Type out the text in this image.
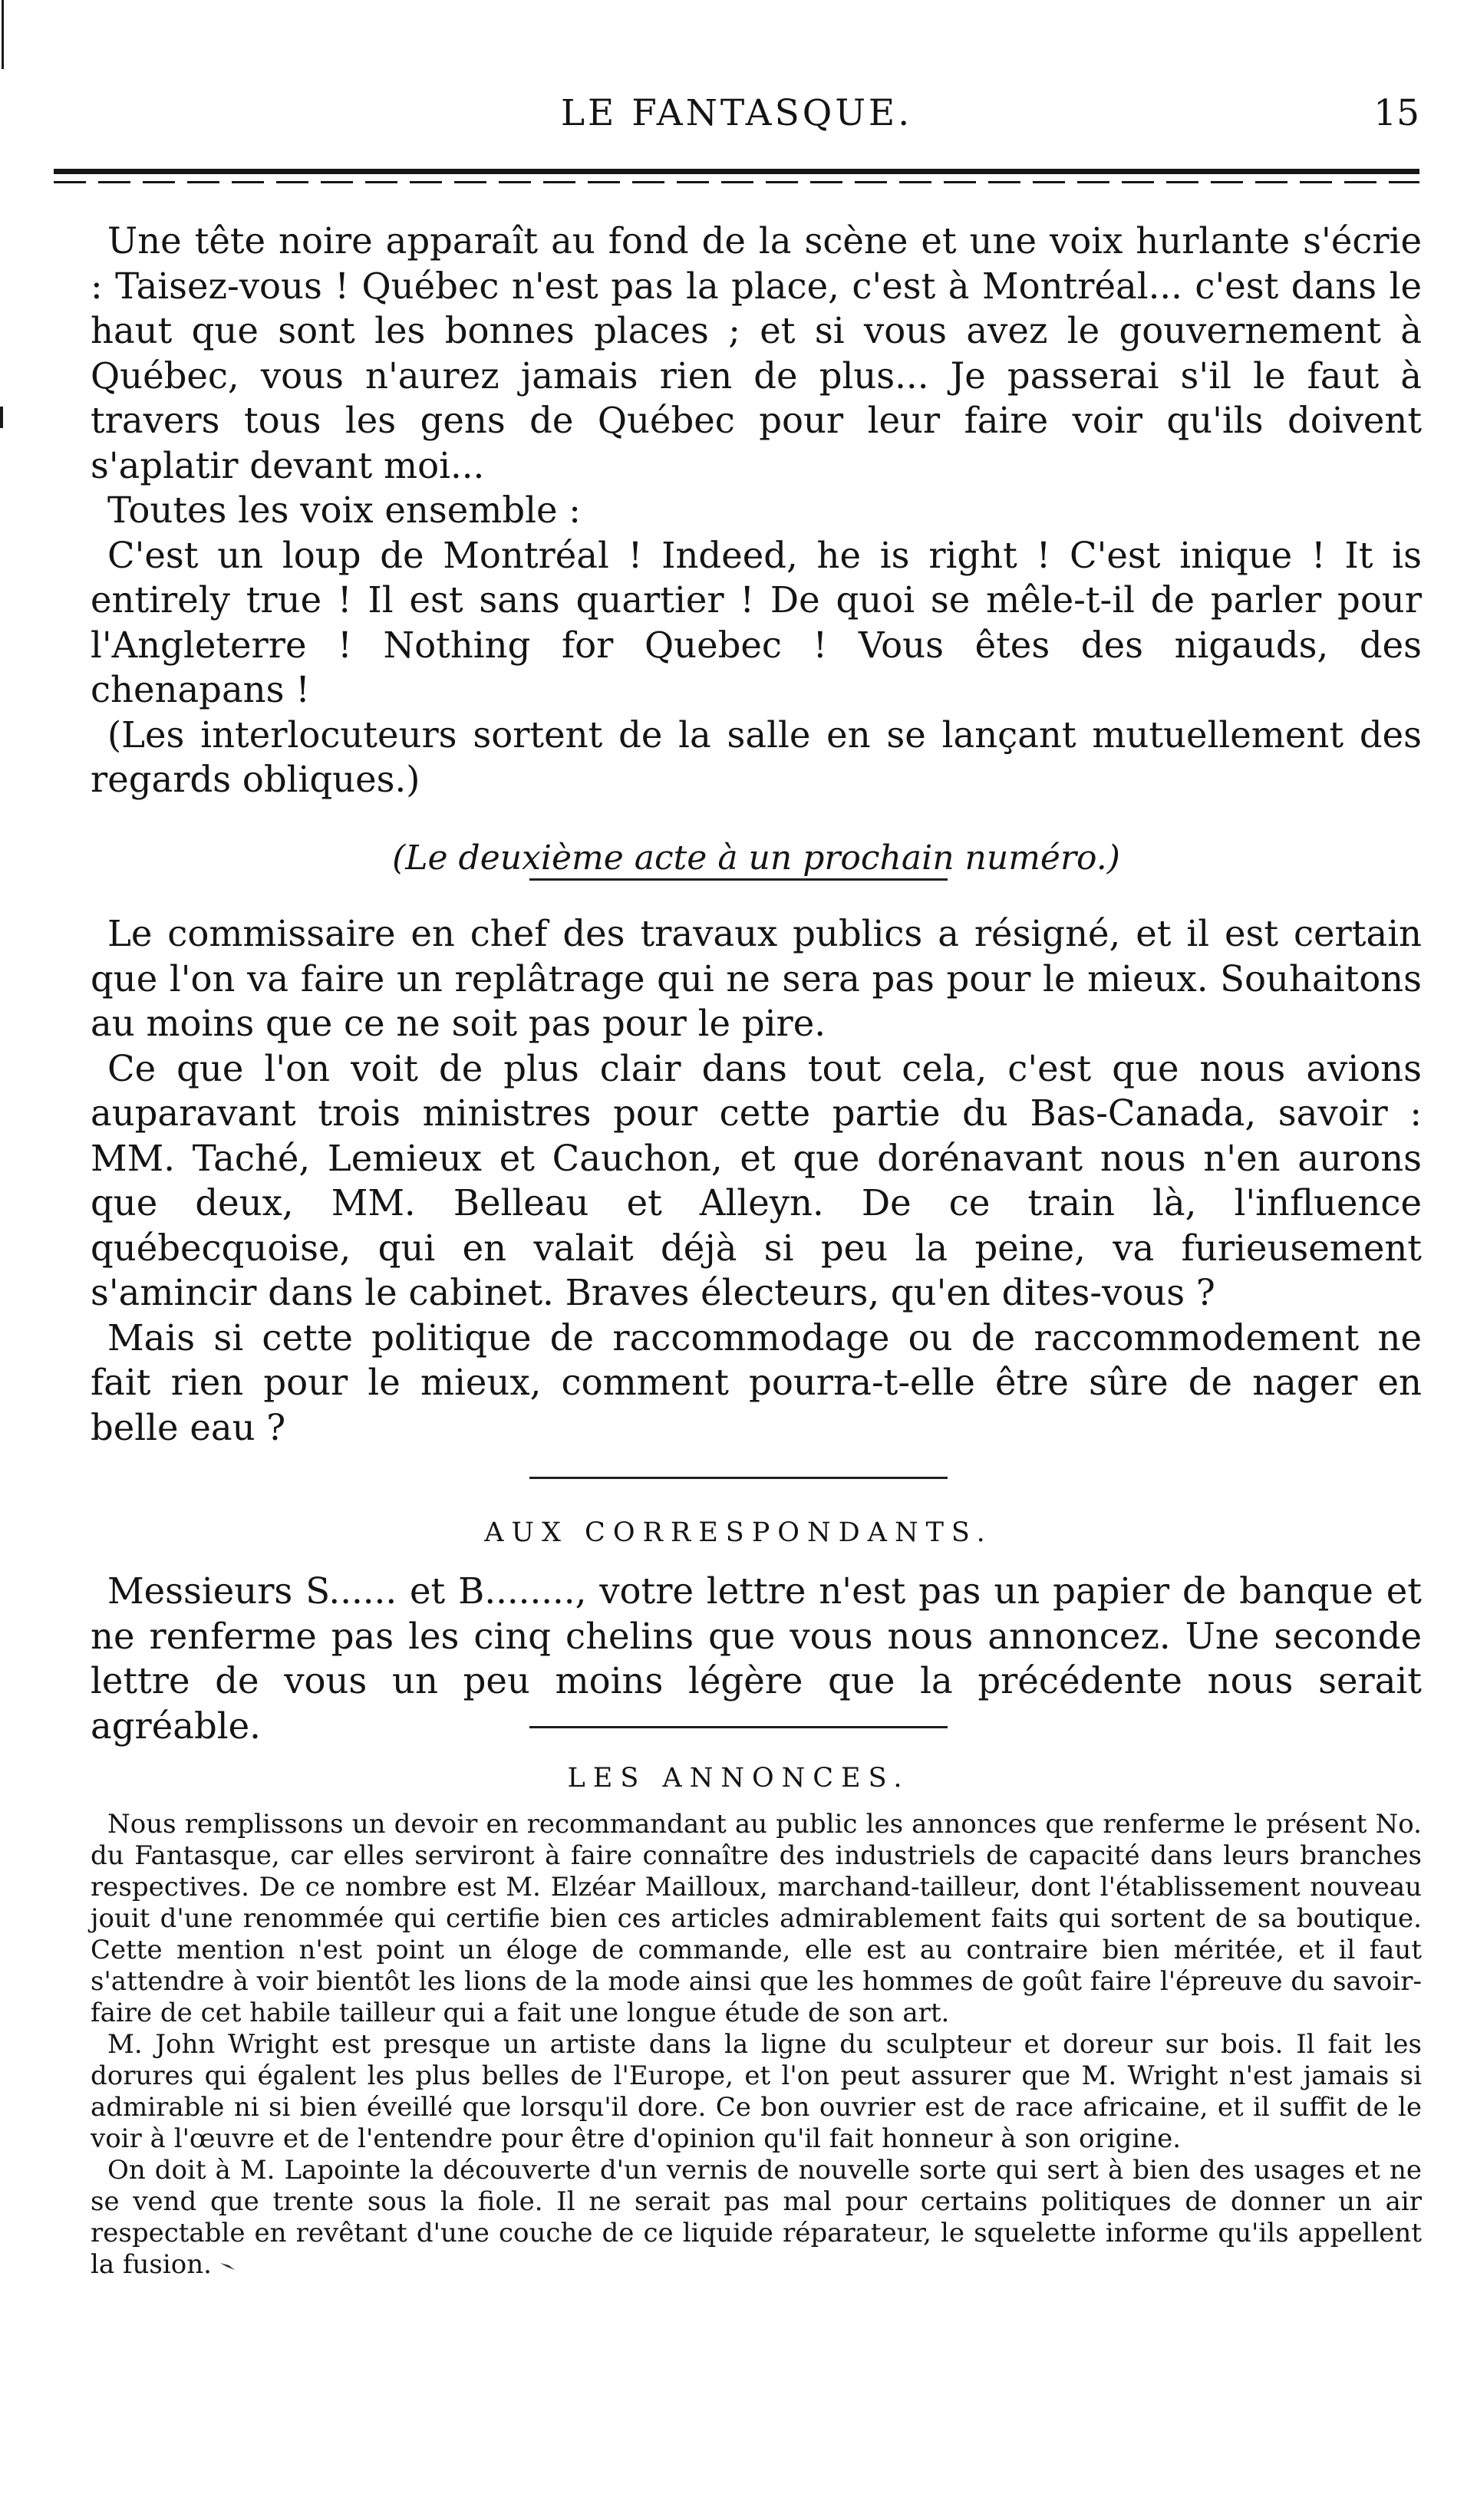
LE FANTASQUE.	15

Une tête noire apparaît au fond de la scène et une voix hurlante s'écrie : Taisez-vous ! Québec n'est pas la place, c'est à Montréal... c'est dans le haut que sont les bonnes places ; et si vous avez le gouvernement à Québec, vous n'aurez jamais rien de plus... Je passerai s'il le faut à travers tous les gens de Québec pour leur faire voir qu'ils doivent s'aplatir devant moi...

Toutes les voix ensemble :

C'est un loup de Montréal ! Indeed, he is right ! C'est inique ! It is entirely true ! Il est sans quartier ! De quoi se mêle-t-il de parler pour l'Angleterre ! Nothing for Quebec ! Vous êtes des nigauds, des chenapans !

(Les interlocuteurs sortent de la salle en se lançant mutuellement des regards obliques.)

(Le deuxième acte à un prochain numéro.)

Le commissaire en chef des travaux publics a résigné, et il est certain que l'on va faire un replâtrage qui ne sera pas pour le mieux. Souhaitons au moins que ce ne soit pas pour le pire.

Ce que l'on voit de plus clair dans tout cela, c'est que nous avions auparavant trois ministres pour cette partie du Bas-Canada, savoir : MM. Taché, Lemieux et Cauchon, et que dorénavant nous n'en aurons que deux, MM. Belleau et Alleyn. De ce train là, l'influence québecquoise, qui en valait déjà si peu la peine, va furieusement s'amincir dans le cabinet. Braves électeurs, qu'en dites-vous ?

Mais si cette politique de raccommodage ou de raccommodement ne fait rien pour le mieux, comment pourra-t-elle être sûre de nager en belle eau ?

AUX CORRESPONDANTS.

Messieurs S...... et B........, votre lettre n'est pas un papier de banque et ne renferme pas les cinq chelins que vous nous annoncez. Une seconde lettre de vous un peu moins légère que la précédente nous serait agréable.

LES ANNONCES.

Nous remplissons un devoir en recommandant au public les annonces que renferme le présent No. du Fantasque, car elles serviront à faire connaître des industriels de capacité dans leurs branches respectives. De ce nombre est M. Elzéar Mailloux, marchand-tailleur, dont l'établissement nouveau jouit d'une renommée qui certifie bien ces articles admirablement faits qui sortent de sa boutique. Cette mention n'est point un éloge de commande, elle est au contraire bien méritée, et il faut s'attendre à voir bientôt les lions de la mode ainsi que les hommes de goût faire l'épreuve du savoir-faire de cet habile tailleur qui a fait une longue étude de son art.

M. John Wright est presque un artiste dans la ligne du sculpteur et doreur sur bois. Il fait les dorures qui égalent les plus belles de l'Europe, et l'on peut assurer que M. Wright n'est jamais si admirable ni si bien éveillé que lorsqu'il dore. Ce bon ouvrier est de race africaine, et il suffit de le voir à l'œuvre et de l'entendre pour être d'opinion qu'il fait honneur à son origine.

On doit à M. Lapointe la découverte d'un vernis de nouvelle sorte qui sert à bien des usages et ne se vend que trente sous la fiole. Il ne serait pas mal pour certains politiques de donner un air respectable en revêtant d'une couche de ce liquide réparateur, le squelette informe qu'ils appellent la fusion.
